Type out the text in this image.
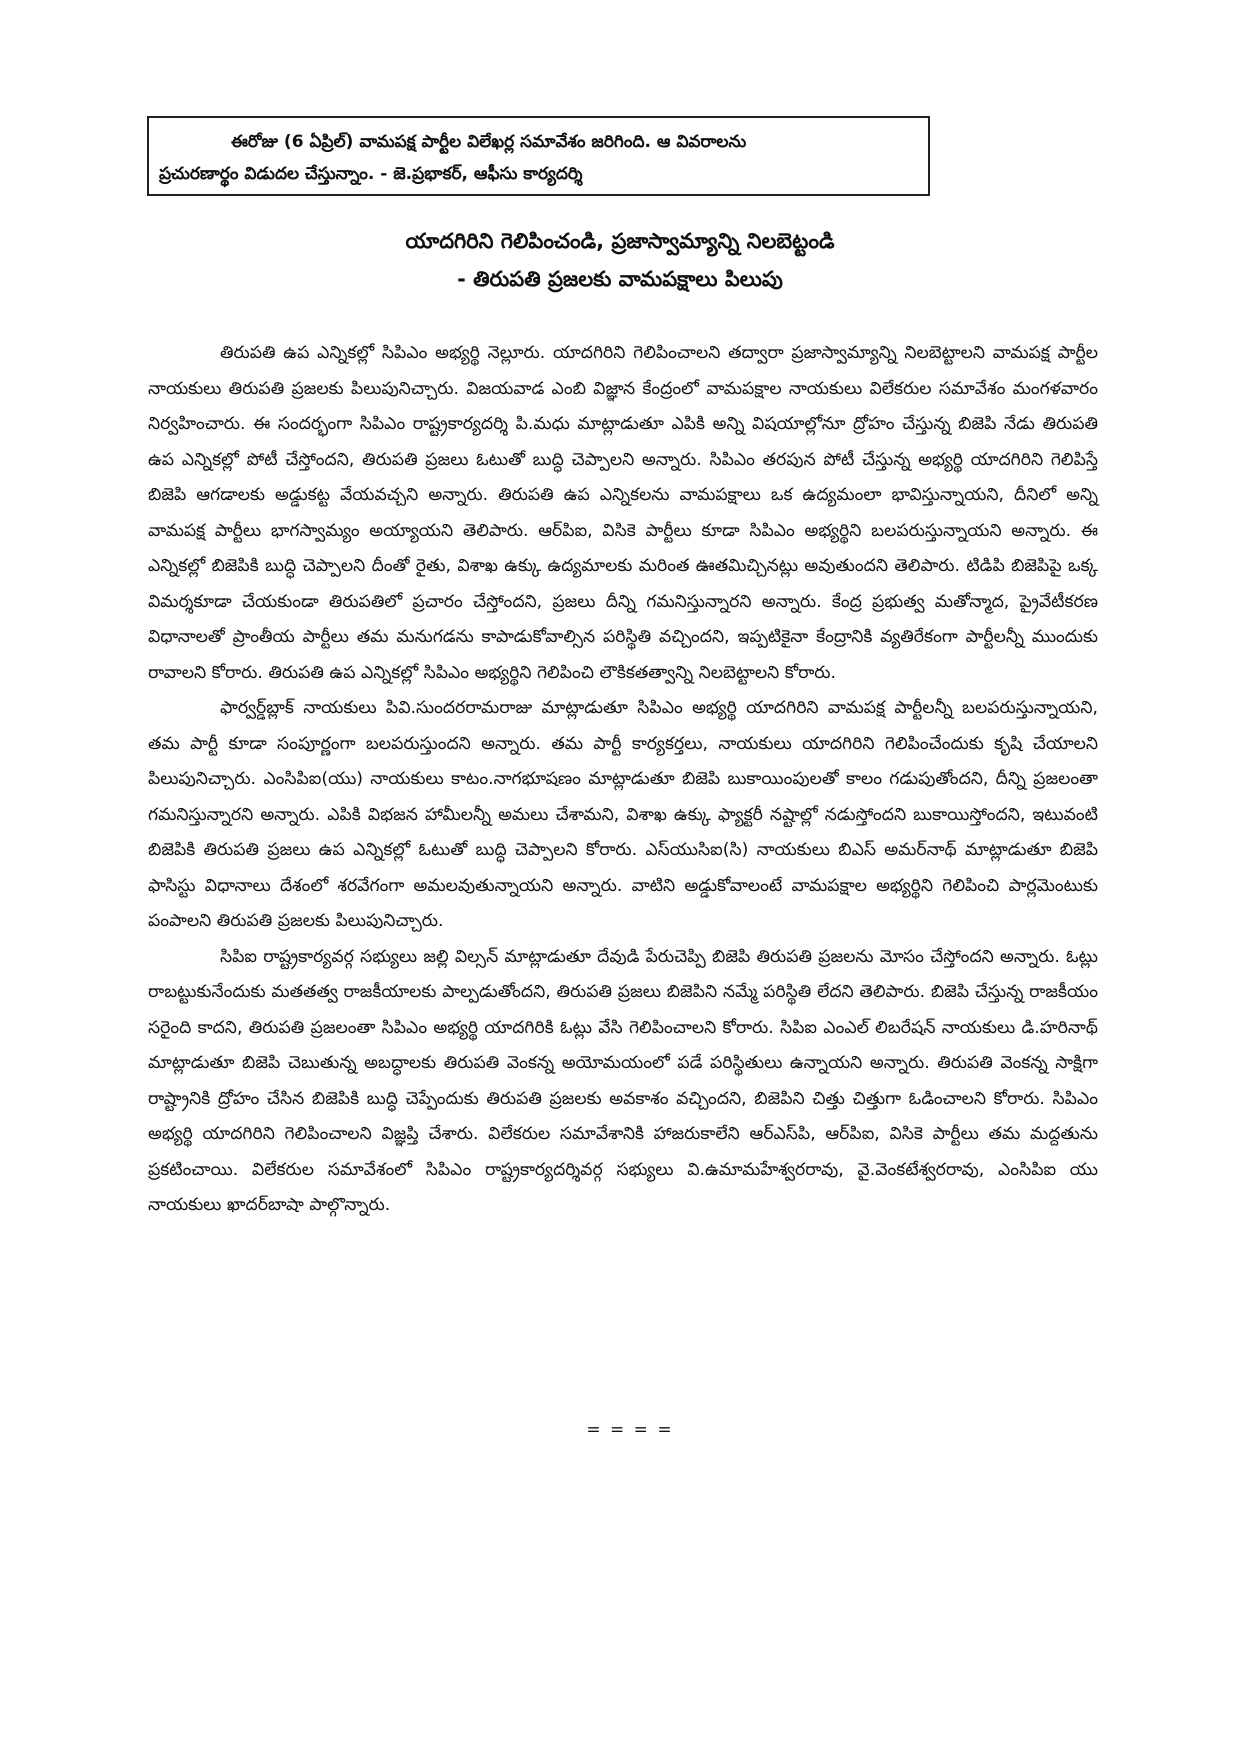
ఈరోజు (6 ఏప్రిల్) వామపక్ష పార్టీల విలేఖర్ల సమావేశం జరిగింది. ఆ వివరాలను
ప్రచురణార్థం విడుదల చేస్తున్నాం. - జె.ప్రభాకర్, ఆఫీసు కార్యదర్శి
యాదగిరిని గెలిపించండి, ప్రజాస్వామ్యాన్ని నిలబెట్టండి
- తిరుపతి ప్రజలకు వామపక్షాలు పిలుపు

తిరుపతి ఉప ఎన్నికల్లో సిపిఎం అభ్యర్థి నెల్లూరు. యాదగిరిని గెలిపించాలని తద్వారా ప్రజాస్వామ్యాన్ని నిలబెట్టాలని వామపక్ష పార్టీల నాయకులు తిరుపతి ప్రజలకు పిలుపునిచ్చారు. విజయవాడ ఎంబి విజ్ఞాన కేంద్రంలో వామపక్షాల నాయకులు విలేకరుల సమావేశం మంగళవారం నిర్వహించారు. ఈ సందర్భంగా సిపిఎం రాష్ట్రకార్యదర్శి పి.మధు మాట్లాడుతూ ఎపికి అన్ని విషయాల్లోనూ ద్రోహం చేస్తున్న బిజెపి నేడు తిరుపతి ఉప ఎన్నికల్లో పోటీ చేస్తోందని, తిరుపతి ప్రజలు ఓటుతో బుద్ధి చెప్పాలని అన్నారు. సిపిఎం తరపున పోటీ చేస్తున్న అభ్యర్థి యాదగిరిని గెలిపిస్తే బిజెపి ఆగడాలకు అడ్డుకట్ట వేయవచ్చని అన్నారు. తిరుపతి ఉప ఎన్నికలను వామపక్షాలు ఒక ఉద్యమంలా భావిస్తున్నాయని, దీనిలో అన్ని వామపక్ష పార్టీలు భాగస్వామ్యం అయ్యాయని తెలిపారు. ఆర్‌పిఐ, విసికె పార్టీలు కూడా సిపిఎం అభ్యర్థిని బలపరుస్తున్నాయని అన్నారు. ఈ ఎన్నికల్లో బిజెపికి బుద్ధి చెప్పాలని దీంతో రైతు, విశాఖ ఉక్కు ఉద్యమాలకు మరింత ఊతమిచ్చినట్లు అవుతుందని తెలిపారు. టిడిపి బిజెపిపై ఒక్క విమర్శకూడా చేయకుండా తిరుపతిలో ప్రచారం చేస్తోందని, ప్రజలు దీన్ని గమనిస్తున్నారని అన్నారు. కేంద్ర ప్రభుత్వ మతోన్మాద, ప్రైవేటీకరణ విధానాలతో ప్రాంతీయ పార్టీలు తమ మనుగడను కాపాడుకోవాల్సిన పరిస్థితి వచ్చిందని, ఇప్పటికైనా కేంద్రానికి వ్యతిరేకంగా పార్టీలన్నీ ముందుకు రావాలని కోరారు. తిరుపతి ఉప ఎన్నికల్లో సిపిఎం అభ్యర్థిని గెలిపించి లౌకికతత్వాన్ని నిలబెట్టాలని కోరారు.

ఫార్వర్డ్‌బ్లాక్ నాయకులు పివి.సుందరరామరాజు మాట్లాడుతూ సిపిఎం అభ్యర్థి యాదగిరిని వామపక్ష పార్టీలన్నీ బలపరుస్తున్నాయని, తమ పార్టీ కూడా సంపూర్ణంగా బలపరుస్తుందని అన్నారు. తమ పార్టీ కార్యకర్తలు, నాయకులు యాదగిరిని గెలిపించేందుకు కృషి చేయాలని పిలుపునిచ్చారు. ఎంసిపిఐ(యు) నాయకులు కాటం.నాగభూషణం మాట్లాడుతూ బిజెపి బుకాయింపులతో కాలం గడుపుతోందని, దీన్ని ప్రజలంతా గమనిస్తున్నారని అన్నారు. ఎపికి విభజన హామీలన్నీ అమలు చేశామని, విశాఖ ఉక్కు ఫ్యాక్టరీ నష్టాల్లో నడుస్తోందని బుకాయిస్తోందని, ఇటువంటి బిజెపికి తిరుపతి ప్రజలు ఉప ఎన్నికల్లో ఓటుతో బుద్ధి చెప్పాలని కోరారు. ఎస్‌యుసిఐ(సి) నాయకులు బిఎస్ అమర్‌నాథ్ మాట్లాడుతూ బిజెపి ఫాసిస్టు విధానాలు దేశంలో శరవేగంగా అమలవుతున్నాయని అన్నారు. వాటిని అడ్డుకోవాలంటే వామపక్షాల అభ్యర్థిని గెలిపించి పార్లమెంటుకు పంపాలని తిరుపతి ప్రజలకు పిలుపునిచ్చారు.

సిపిఐ రాష్ట్రకార్యవర్గ సభ్యులు జల్లి విల్సన్ మాట్లాడుతూ దేవుడి పేరుచెప్పి బిజెపి తిరుపతి ప్రజలను మోసం చేస్తోందని అన్నారు. ఓట్లు రాబట్టుకునేందుకు మతతత్వ రాజకీయాలకు పాల్పడుతోందని, తిరుపతి ప్రజలు బిజెపిని నమ్మే పరిస్థితి లేదని తెలిపారు. బిజెపి చేస్తున్న రాజకీయం సరైంది కాదని, తిరుపతి ప్రజలంతా సిపిఎం అభ్యర్థి యాదగిరికి ఓట్లు వేసి గెలిపించాలని కోరారు. సిపిఐ ఎంఎల్ లిబరేషన్ నాయకులు డి.హరినాథ్ మాట్లాడుతూ బిజెపి చెబుతున్న అబద్ధాలకు తిరుపతి వెంకన్న అయోమయంలో పడే పరిస్థితులు ఉన్నాయని అన్నారు. తిరుపతి వెంకన్న సాక్షిగా రాష్ట్రానికి ద్రోహం చేసిన బిజెపికి బుద్ధి చెప్పేందుకు తిరుపతి ప్రజలకు అవకాశం వచ్చిందని, బిజెపిని చిత్తు చిత్తుగా ఓడించాలని కోరారు. సిపిఎం అభ్యర్థి యాదగిరిని గెలిపించాలని విజ్ఞప్తి చేశారు. విలేకరుల సమావేశానికి హాజరుకాలేని ఆర్‌ఎస్‌పి, ఆర్‌పిఐ, విసికె పార్టీలు తమ మద్దతును ప్రకటించాయి. విలేకరుల సమావేశంలో సిపిఎం రాష్ట్రకార్యదర్శివర్గ సభ్యులు వి.ఉమామహేశ్వరరావు, వై.వెంకటేశ్వరరావు, ఎంసిపిఐ యు నాయకులు ఖాదర్‌బాషా పాల్గొన్నారు.

= = = =
